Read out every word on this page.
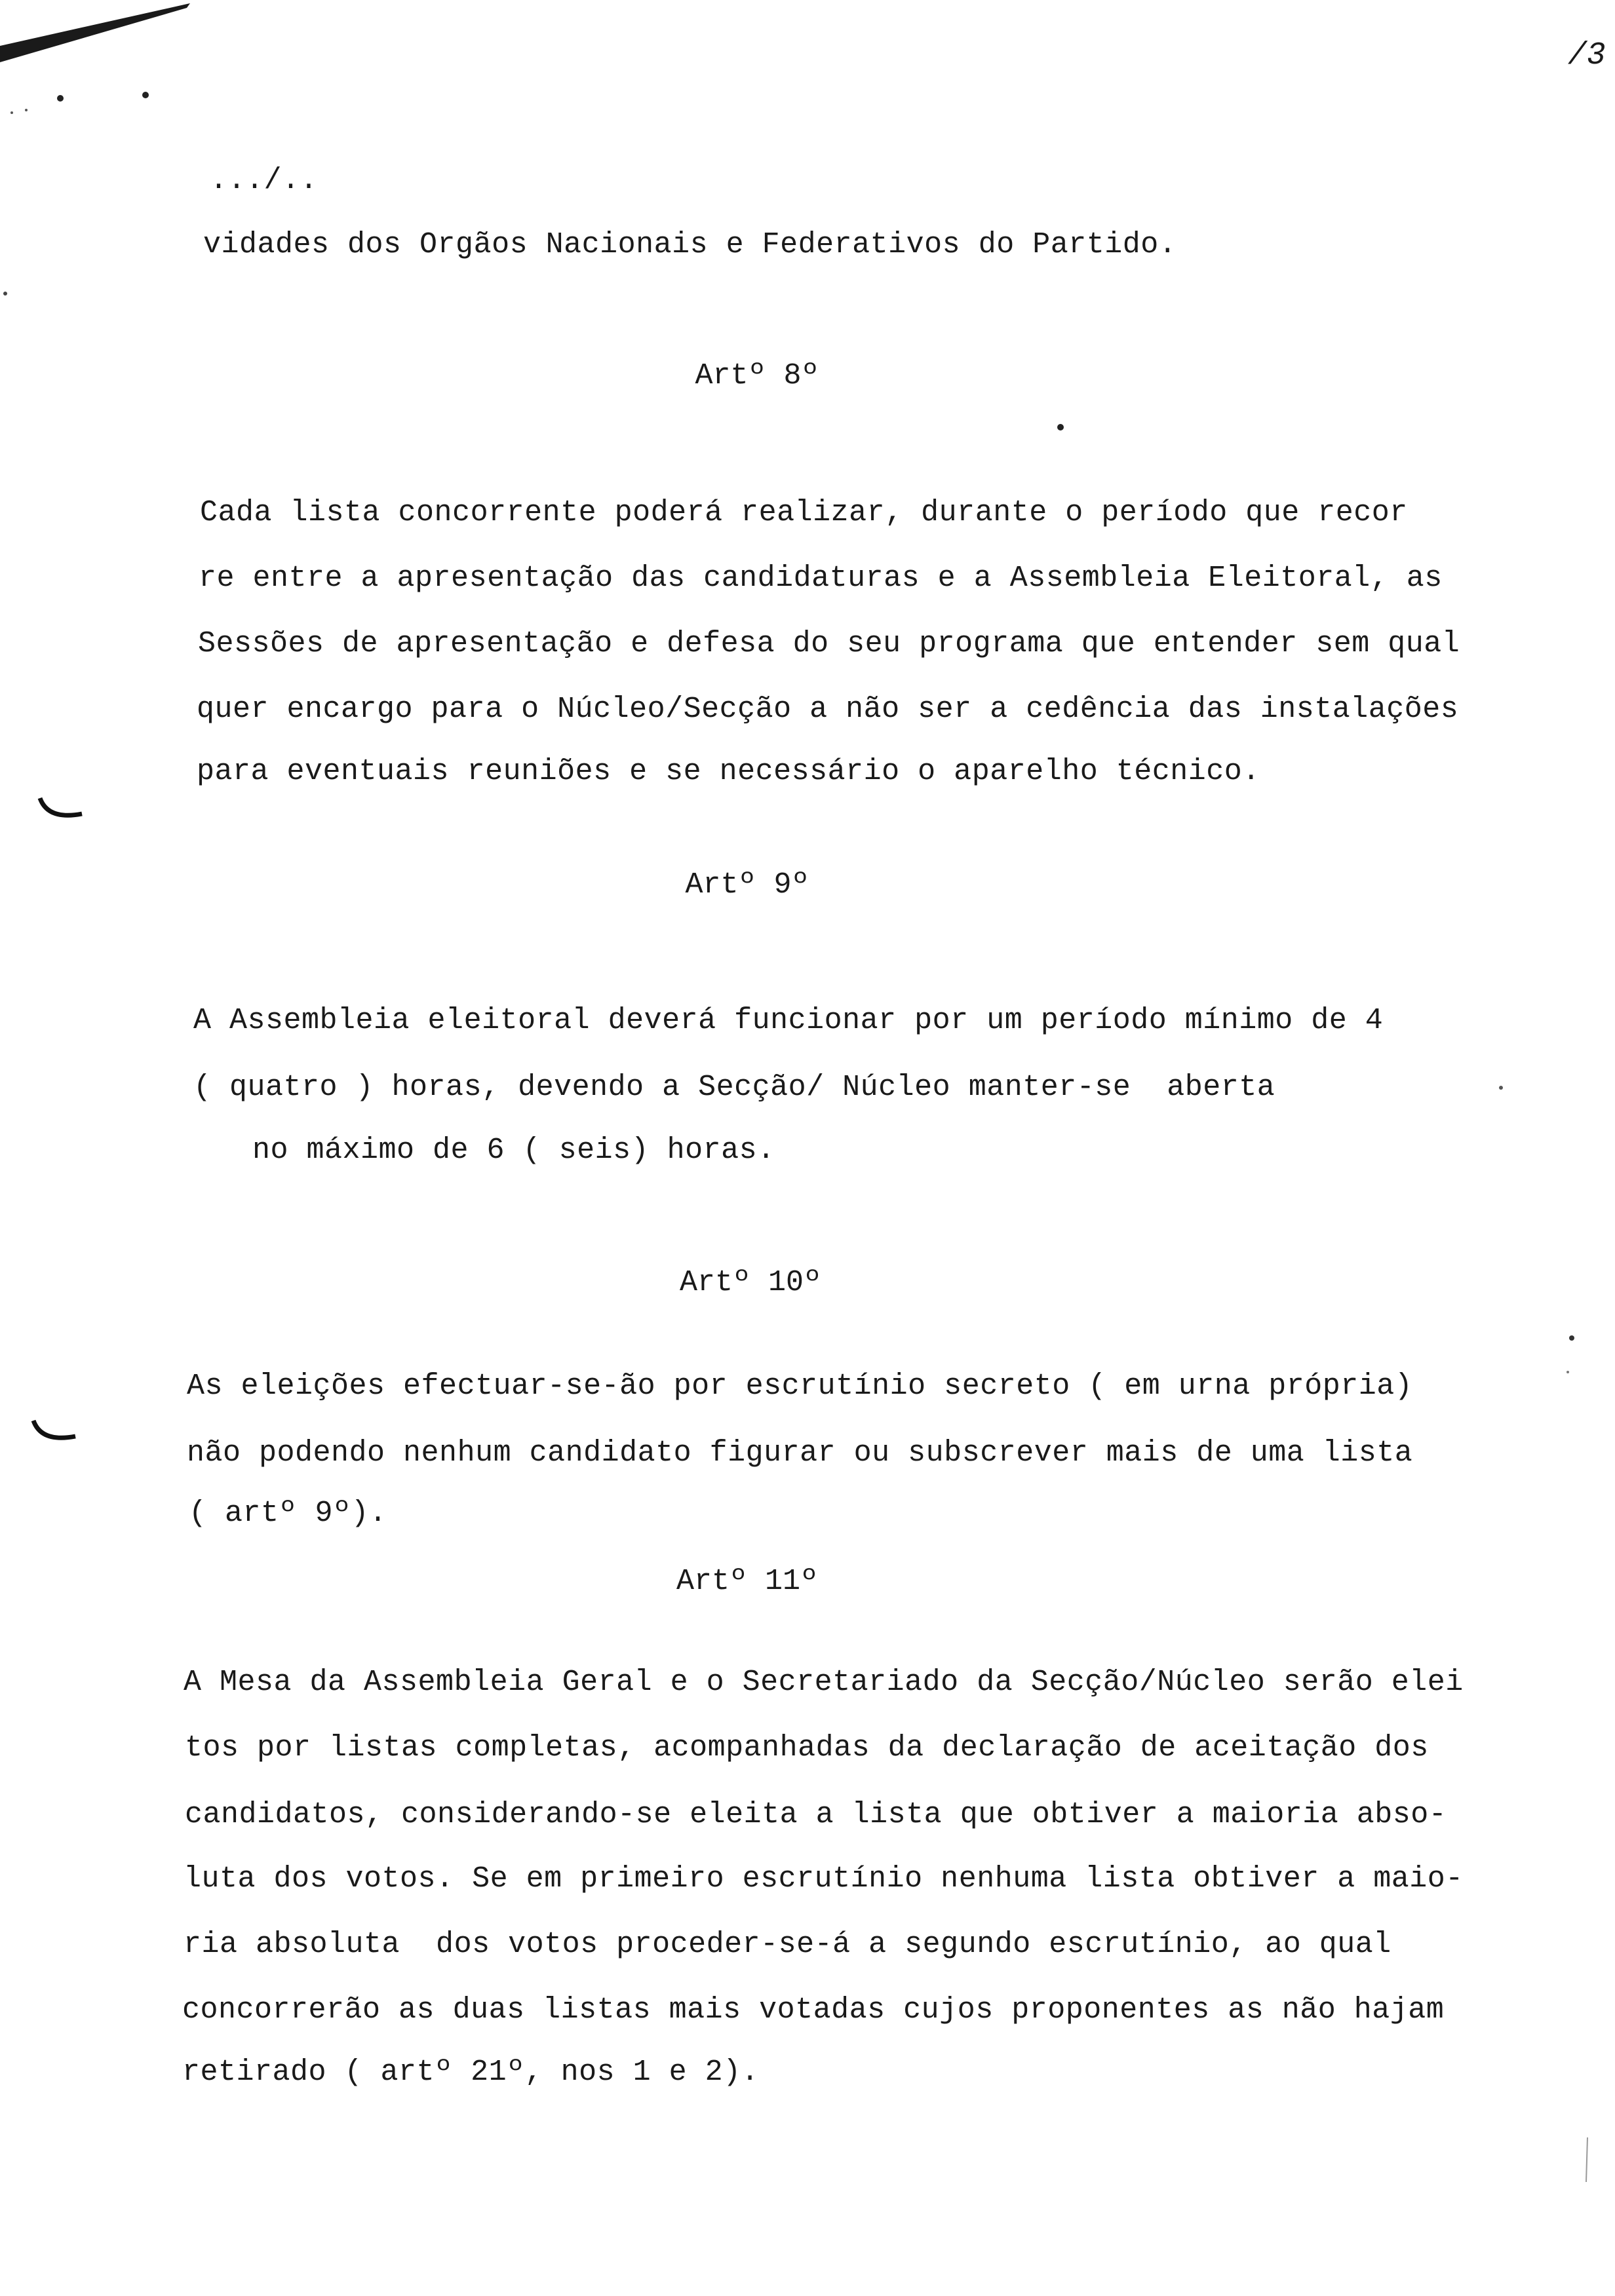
/3
.../..
vidades dos Orgãos Nacionais e Federativos do Partido.
Artº 8º
Cada lista concorrente poderá realizar, durante o período que recor
re entre a apresentação das candidaturas e a Assembleia Eleitoral, as
Sessões de apresentação e defesa do seu programa que entender sem qual
quer encargo para o Núcleo/Secção a não ser a cedência das instalações
para eventuais reuniões e se necessário o aparelho técnico.
Artº 9º
A Assembleia eleitoral deverá funcionar por um período mínimo de 4
( quatro ) horas, devendo a Secção/ Núcleo manter-se  aberta
no máximo de 6 ( seis) horas.
Artº 10º
As eleições efectuar-se-ão por escrutínio secreto ( em urna própria)
não podendo nenhum candidato figurar ou subscrever mais de uma lista
( artº 9º).
Artº 11º
A Mesa da Assembleia Geral e o Secretariado da Secção/Núcleo serão elei
tos por listas completas, acompanhadas da declaração de aceitação dos
candidatos, considerando-se eleita a lista que obtiver a maioria abso-
luta dos votos. Se em primeiro escrutínio nenhuma lista obtiver a maio-
ria absoluta  dos votos proceder-se-á a segundo escrutínio, ao qual
concorrerão as duas listas mais votadas cujos proponentes as não hajam
retirado ( artº 21º, nos 1 e 2).
